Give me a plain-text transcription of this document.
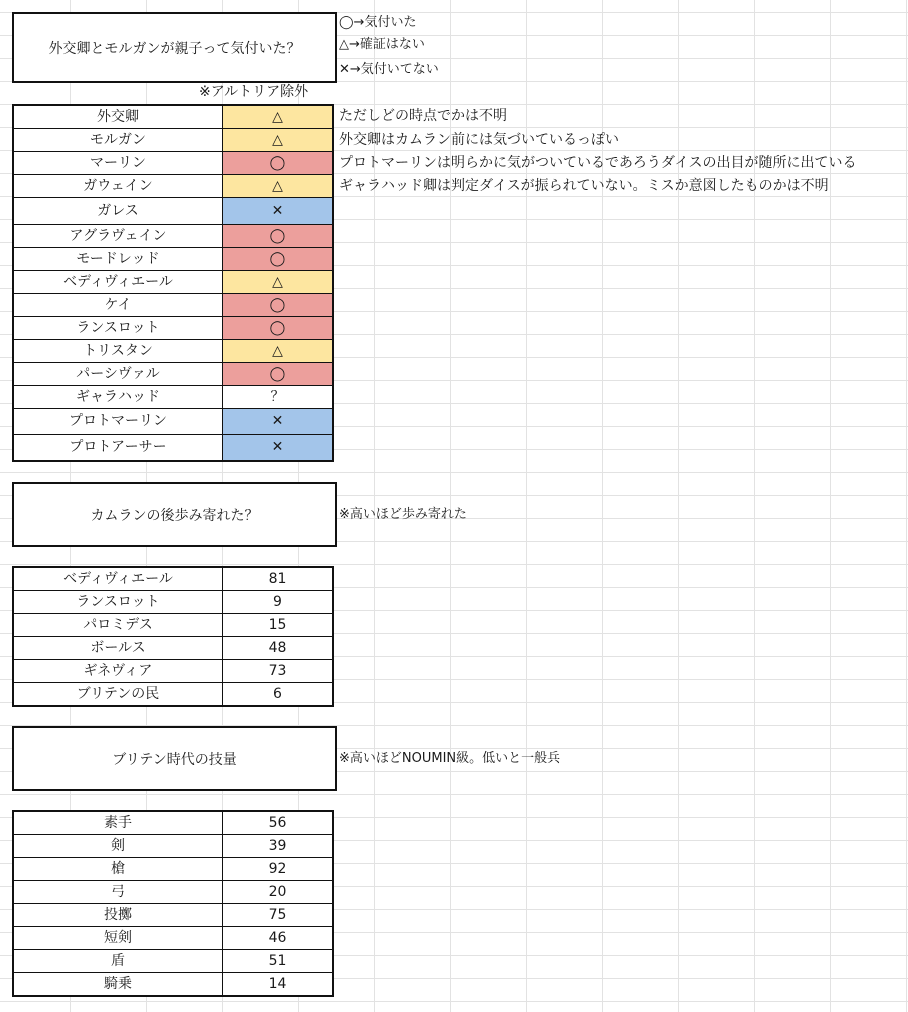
外交卿とモルガンが親子って気付いた？
◯→気付いた
△→確証はない
✕→気付いてない
※アルトリア除外
外交卿	△
モルガン	△
マーリン	◯
ガウェイン	△
ガレス	✕
アグラヴェイン	◯
モードレッド	◯
ベディヴィエール	△
ケイ	◯
ランスロット	◯
トリスタン	△
パーシヴァル	◯
ギャラハッド	？
プロトマーリン	✕
プロトアーサー	✕
ただしどの時点でかは不明
外交卿はカムラン前には気づいているっぽい
プロトマーリンは明らかに気がついているであろうダイスの出目が随所に出ている
ギャラハッド卿は判定ダイスが振られていない。ミスか意図したものかは不明
カムランの後歩み寄れた？	※高いほど歩み寄れた
ベディヴィエール	81
ランスロット	9
パロミデス	15
ボールス	48
ギネヴィア	73
ブリテンの民	6
ブリテン時代の技量	※高いほどNOUMIN級。低いと一般兵
素手	56
剣	39
槍	92
弓	20
投擲	75
短剣	46
盾	51
騎乗	14
